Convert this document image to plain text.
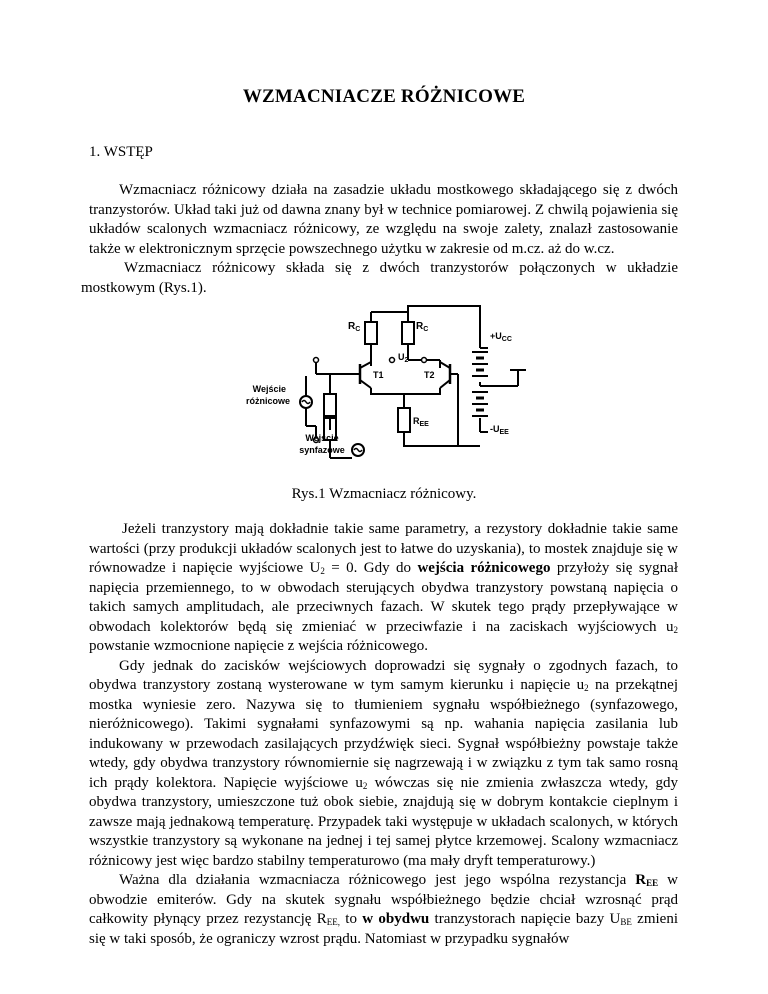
WZMACNIACZE RÓŻNICOWE
1. WSTĘP

Wzmacniacz różnicowy działa na zasadzie układu mostkowego składającego się z dwóch tranzystorów. Układ taki już od dawna znany był w technice pomiarowej. Z chwilą pojawienia się układów scalonych wzmacniacz różnicowy, ze względu na swoje zalety, znalazł zastosowanie także w elektronicznym sprzęcie powszechnego użytku w zakresie od m.cz. aż do w.cz.

Wzmacniacz różnicowy składa się z dwóch tranzystorów połączonych w układzie mostkowym (Rys.1).

$R_C$	$R_C$
$U_2$
T1	T2
$+U_{CC}$
$-U_{EE}$
$R_{EE}$
Wejście
różnicowe
Wejście
synfazowe
Rys.1 Wzmacniacz różnicowy.

Jeżeli tranzystory mają dokładnie takie same parametry, a rezystory dokładnie takie same wartości (przy produkcji układów scalonych jest to łatwe do uzyskania), to mostek znajduje się w równowadze i napięcie wyjściowe $U_2 = 0$. Gdy do wejścia różnicowego przyłoży się sygnał napięcia przemiennego, to w obwodach sterujących obydwa tranzystory powstaną napięcia o takich samych amplitudach, ale przeciwnych fazach. W skutek tego prądy przepływające w obwodach kolektorów będą się zmieniać w przeciwfazie i na zaciskach wyjściowych $u_2$ powstanie wzmocnione napięcie z wejścia różnicowego.

Gdy jednak do zacisków wejściowych doprowadzi się sygnały o zgodnych fazach, to obydwa tranzystory zostaną wysterowane w tym samym kierunku i napięcie $u_2$ na przekątnej mostka wyniesie zero. Nazywa się to tłumieniem sygnału współbieżnego (synfazowego, nieróżnicowego). Takimi sygnałami synfazowymi są np. wahania napięcia zasilania lub indukowany w przewodach zasilających przydźwięk sieci. Sygnał współbieżny powstaje także wtedy, gdy obydwa tranzystory równomiernie się nagrzewają i w związku z tym tak samo rosną ich prądy kolektora. Napięcie wyjściowe $u_2$ wówczas się nie zmienia zwłaszcza wtedy, gdy obydwa tranzystory, umieszczone tuż obok siebie, znajdują się w dobrym kontakcie cieplnym i zawsze mają jednakową temperaturę. Przypadek taki występuje w układach scalonych, w których wszystkie tranzystory są wykonane na jednej i tej samej płytce krzemowej. Scalony wzmacniacz różnicowy jest więc bardzo stabilny temperaturowo (ma mały dryft temperaturowy.)

Ważna dla działania wzmacniacza różnicowego jest jego wspólna rezystancja $R_{EE}$ w obwodzie emiterów. Gdy na skutek sygnału współbieżnego będzie chciał wzrosnąć prąd całkowity płynący przez rezystancję $R_{EE,}$ to w obydwu tranzystorach napięcie bazy $U_{BE}$ zmieni się w taki sposób, że ograniczy wzrost prądu. Natomiast w przypadku sygnałów
